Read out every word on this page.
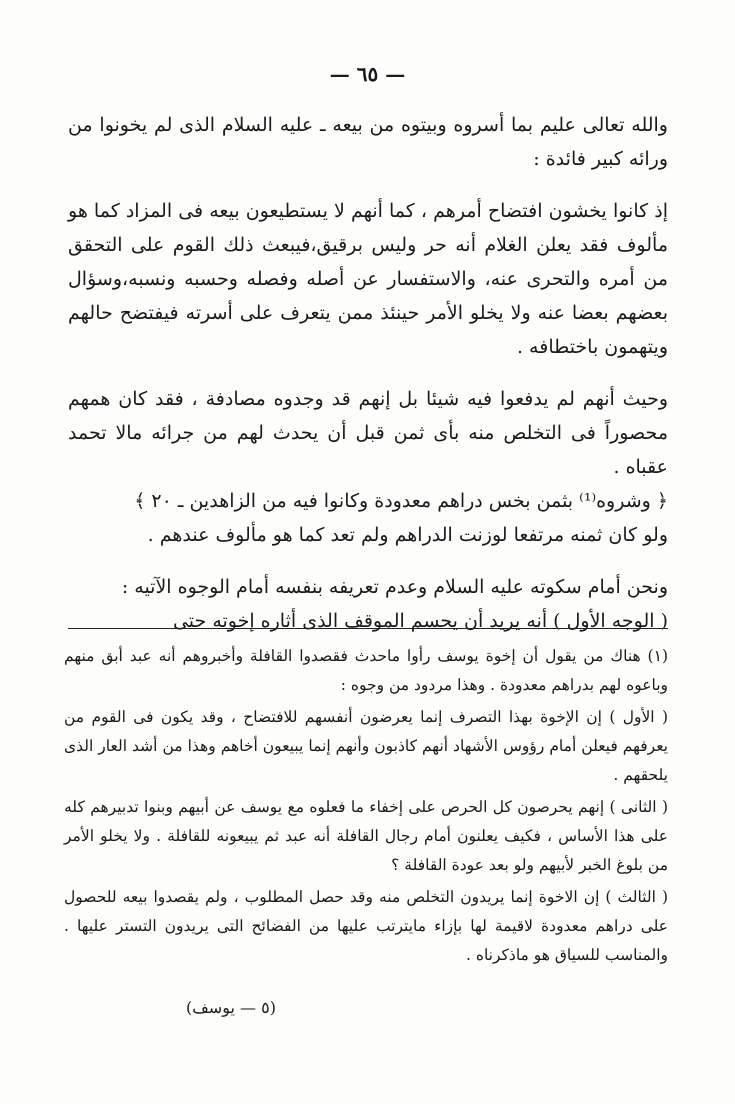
— ٦٥ —

والله تعالى عليم بما أسروه وبيتوه من بيعه ـ عليه السلام الذى لم يخونوا من ورائه كبير فائدة :

إذ كانوا يخشون افتضاح أمرهم ، كما أنهم لا يستطيعون بيعه فى المزاد كما هو مألوف فقد يعلن الغلام أنه حر وليس برقيق،فيبعث ذلك القوم على التحقق من أمره والتحرى عنه، والاستفسار عن أصله وفصله وحسبه ونسبه،وسؤال بعضهم بعضا عنه ولا يخلو الأمر حينئذ ممن يتعرف على أسرته فيفتضح حالهم ويتهمون باختطافه .

وحيث أنهم لم يدفعوا فيه شيئا بل إنهم قد وجدوه مصادفة ، فقد كان همهم محصوراً فى التخلص منه بأى ثمن قبل أن يحدث لهم من جرائه مالا تحمد عقباه .

﴿ وشروه⁽¹⁾ بثمن بخس دراهم معدودة وكانوا فيه من الزاهدين ـ ٢٠ ﴾

ولو كان ثمنه مرتفعا لوزنت الدراهم ولم تعد كما هو مألوف عندهم .

ونحن أمام سكوته عليه السلام وعدم تعريفه بنفسه أمام الوجوه الآتيه :

( الوجه الأول ) أنه يريد أن يحسم الموقف الذى أثاره إخوته حتى

(١) هناك من يقول أن إخوة يوسف رأوا ماحدث فقصدوا القافلة وأخبروهم أنه عبد أبق منهم وباعوه لهم بدراهم معدودة . وهذا مردود من وجوه :

( الأول ) إن الإخوة بهذا التصرف إنما يعرضون أنفسهم للافتضاح ، وقد يكون فى القوم من يعرفهم فيعلن أمام رؤوس الأشهاد أنهم كاذبون وأنهم إنما يبيعون أخاهم وهذا من أشد العار الذى يلحقهم .

( الثانى ) إنهم يحرصون كل الحرص على إخفاء ما فعلوه مع يوسف عن أبيهم وبنوا تدبيرهم كله على هذا الأساس ، فكيف يعلنون أمام رجال القافلة أنه عبد ثم يبيعونه للقافلة . ولا يخلو الأمر من بلوغ الخبر لأبيهم ولو بعد عودة القافلة ؟

( الثالث ) إن الاخوة إنما يريدون التخلص منه وقد حصل المطلوب ، ولم يقصدوا بيعه للحصول على دراهم معدودة لاقيمة لها بإزاء مايترتب عليها من الفضائح التى يريدون التستر عليها . والمناسب للسياق هو ماذكرناه .

(٥ — يوسف)
